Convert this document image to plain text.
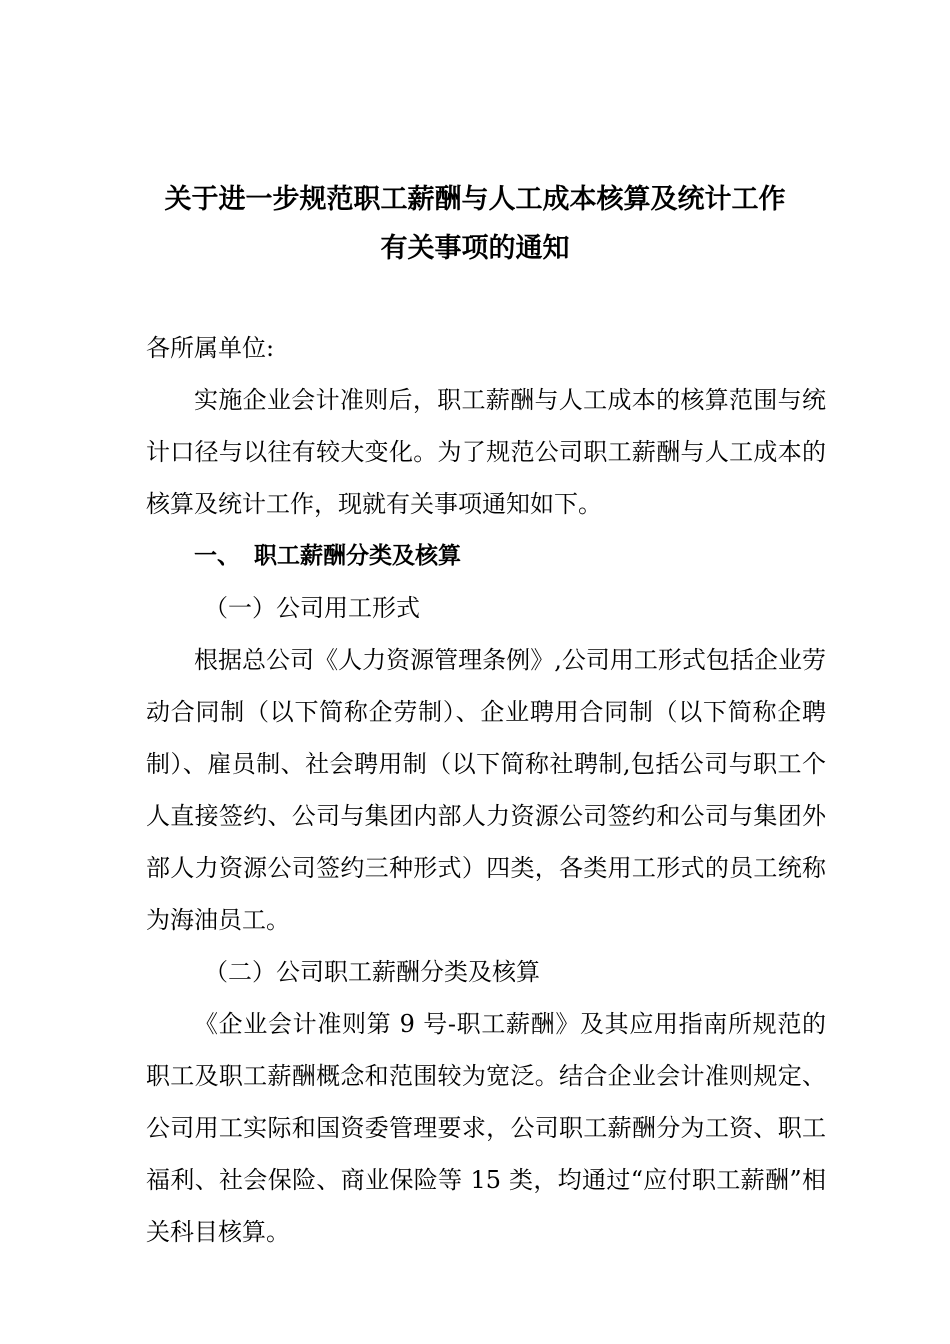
关于进一步规范职工薪酬与人工成本核算及统计工作
有关事项的通知

各所属单位:

实施企业会计准则后，职工薪酬与人工成本的核算范围与统计口径与以往有较大变化。为了规范公司职工薪酬与人工成本的核算及统计工作，现就有关事项通知如下。

一、 职工薪酬分类及核算

（一）公司用工形式

根据总公司《人力资源管理条例》,公司用工形式包括企业劳动合同制（以下简称企劳制）、企业聘用合同制（以下简称企聘制）、雇员制、社会聘用制（以下简称社聘制,包括公司与职工个人直接签约、公司与集团内部人力资源公司签约和公司与集团外部人力资源公司签约三种形式）四类，各类用工形式的员工统称为海油员工。

（二）公司职工薪酬分类及核算

《企业会计准则第 9 号-职工薪酬》及其应用指南所规范的职工及职工薪酬概念和范围较为宽泛。结合企业会计准则规定、公司用工实际和国资委管理要求，公司职工薪酬分为工资、职工福利、社会保险、商业保险等 15 类，均通过“应付职工薪酬”相关科目核算。
